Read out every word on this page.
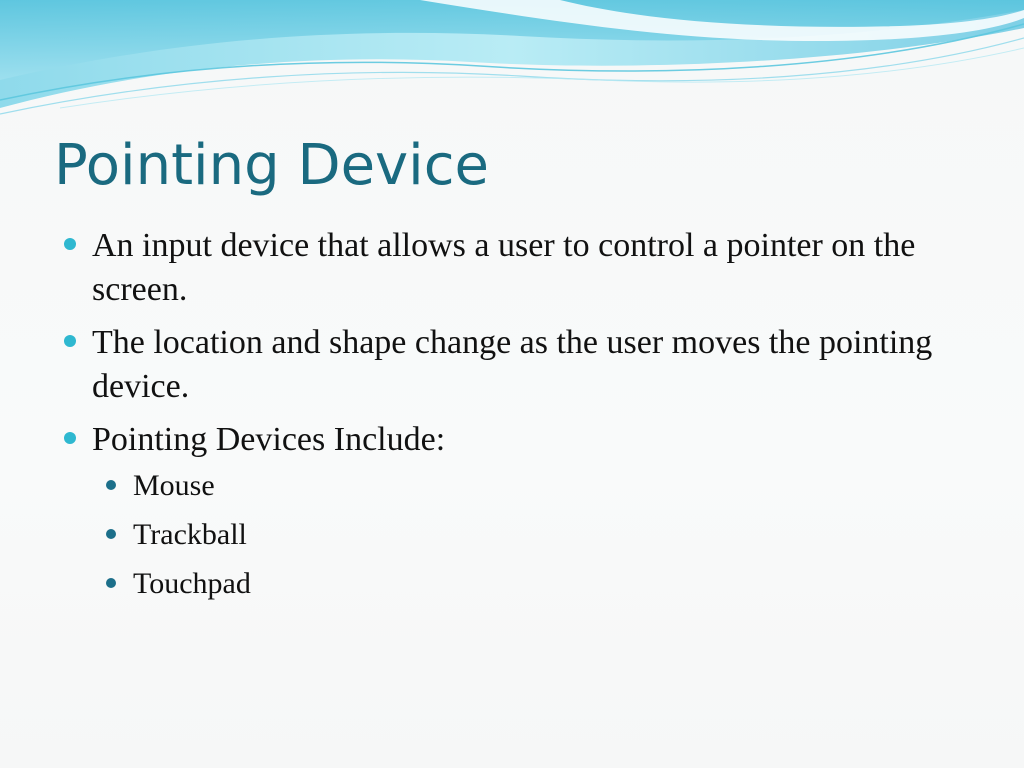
Pointing Device
An input device that allows a user to control a pointer on the screen.
The location and shape change as the user moves the pointing device.
Pointing Devices Include:
Mouse
Trackball
Touchpad
